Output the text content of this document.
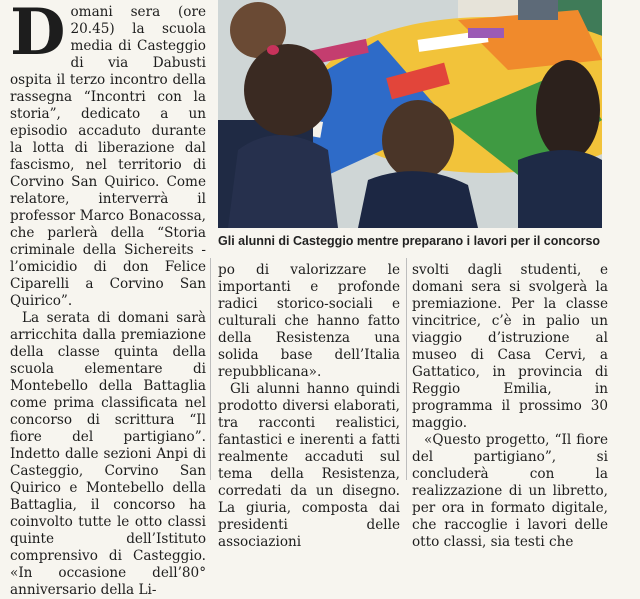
Domani sera (ore 20.45) la scuola media di Casteggio di via Dabusti ospita il terzo incontro della rassegna “Incontri con la storia”, dedicato a un episodio accaduto durante la lotta di liberazione dal fascismo, nel territorio di Corvino San Quirico. Come relatore, interverrà il professor Marco Bonacossa, che parlerà della “Storia criminale della Sichereits - l’omicidio di don Felice Ciparelli a Corvino San Quirico”.

La serata di domani sarà arricchita dalla premiazione della classe quinta della scuola elementare di Montebello della Battaglia come prima classificata nel concorso di scrittura “Il fiore del partigiano”. Indetto dalle sezioni Anpi di Casteggio, Corvino San Quirico e Montebello della Battaglia, il concorso ha coinvolto tutte le otto classi quinte dell’Istituto comprensivo di Casteggio. «In occasione dell’80° anniversario della Li-

Gli alunni di Casteggio mentre preparano i lavori per il concorso

po di valorizzare le importanti e profonde radici storico-sociali e culturali che hanno fatto della Resistenza una solida base dell’Italia repubblicana».

Gli alunni hanno quindi prodotto diversi elaborati, tra racconti realistici, fantastici e inerenti a fatti realmente accaduti sul tema della Resistenza, corredati da un disegno. La giuria, composta dai presidenti delle associazioni

svolti dagli studenti, e domani sera si svolgerà la premiazione. Per la classe vincitrice, c’è in palio un viaggio d’istruzione al museo di Casa Cervi, a Gattatico, in provincia di Reggio Emilia, in programma il prossimo 30 maggio.

«Questo progetto, “Il fiore del partigiano”, si concluderà con la realizzazione di un libretto, per ora in formato digitale, che raccoglie i lavori delle otto classi, sia testi che
